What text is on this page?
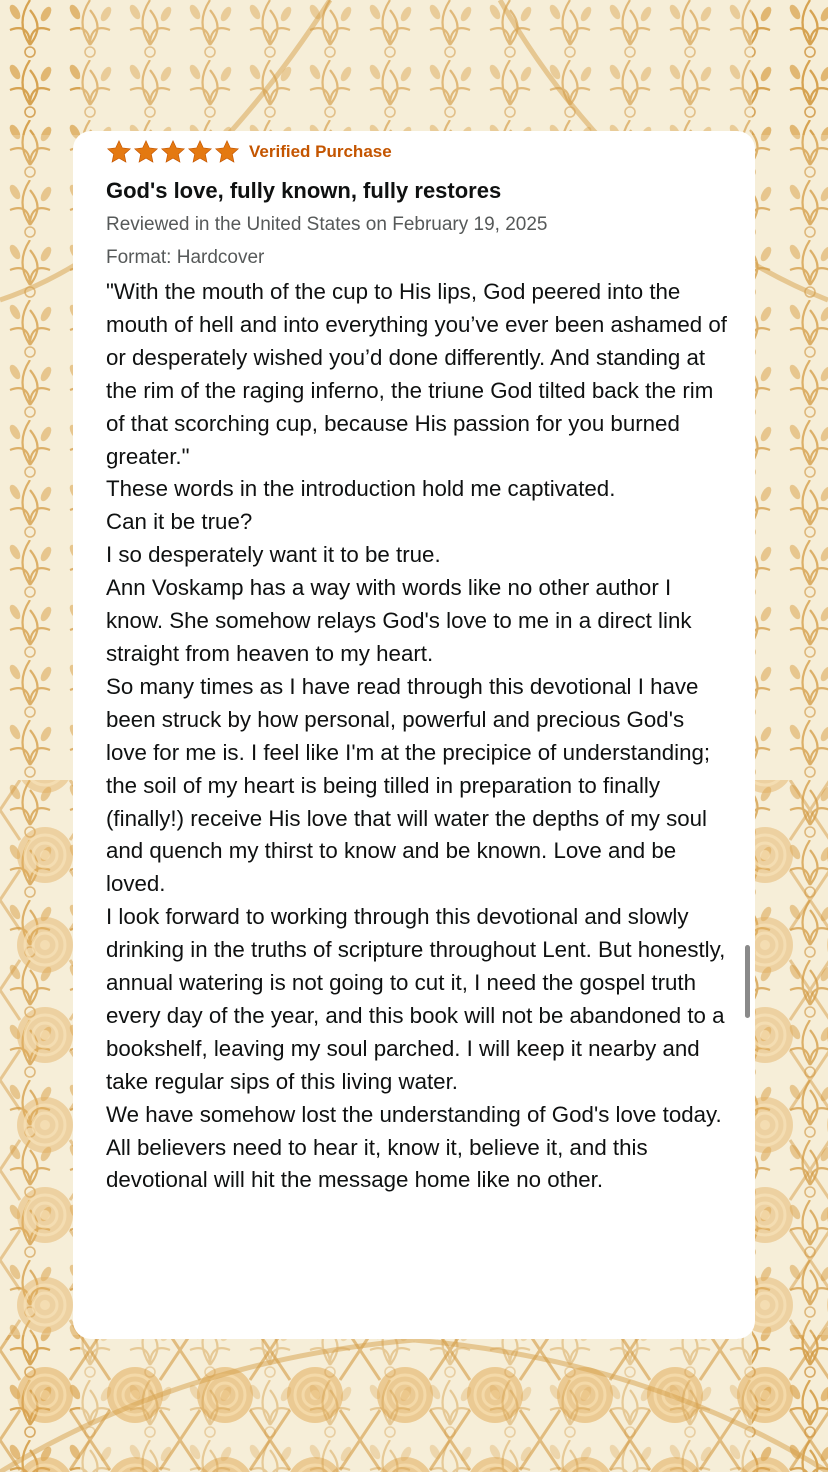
Verified Purchase
God's love, fully known, fully restores
Reviewed in the United States on February 19, 2025
Format: Hardcover

"With the mouth of the cup to His lips, God peered into the mouth of hell and into everything you’ve ever been ashamed of or desperately wished you’d done differently. And standing at the rim of the raging inferno, the triune God tilted back the rim of that scorching cup, because His passion for you burned greater."

These words in the introduction hold me captivated.

Can it be true?

I so desperately want it to be true.

Ann Voskamp has a way with words like no other author I know. She somehow relays God's love to me in a direct link straight from heaven to my heart.

So many times as I have read through this devotional I have been struck by how personal, powerful and precious God's love for me is. I feel like I'm at the precipice of understanding; the soil of my heart is being tilled in preparation to finally (finally!) receive His love that will water the depths of my soul and quench my thirst to know and be known. Love and be loved.

I look forward to working through this devotional and slowly drinking in the truths of scripture throughout Lent. But honestly, annual watering is not going to cut it, I need the gospel truth every day of the year, and this book will not be abandoned to a bookshelf, leaving my soul parched. I will keep it nearby and take regular sips of this living water.

We have somehow lost the understanding of God's love today. All believers need to hear it, know it, believe it, and this devotional will hit the message home like no other.
